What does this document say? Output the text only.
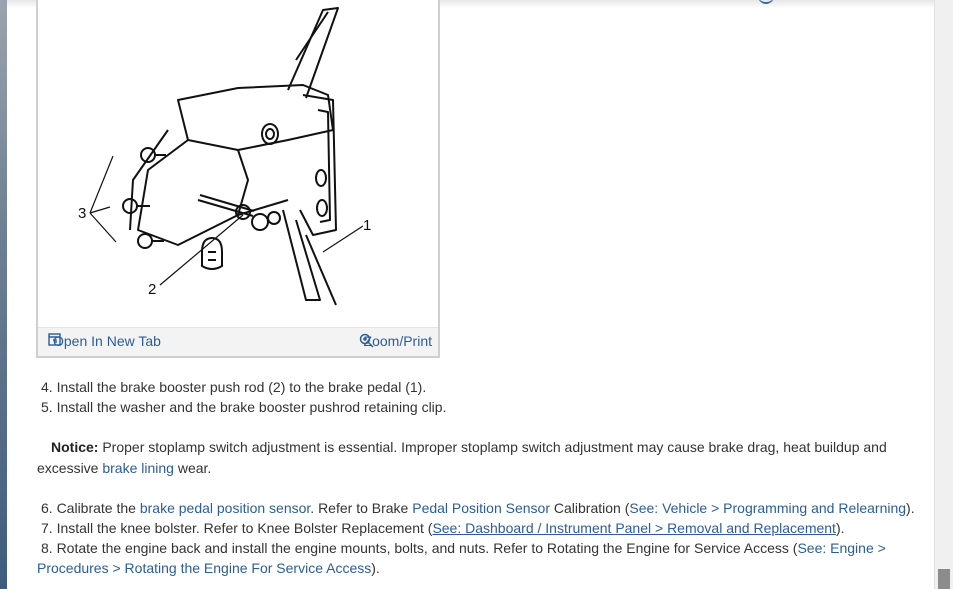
3
2
1
Open In New Tab	Zoom/Print
4. Install the brake booster push rod (2) to the brake pedal (1).
5. Install the washer and the brake booster pushrod retaining clip.
Notice: Proper stoplamp switch adjustment is essential. Improper stoplamp switch adjustment may cause brake drag, heat buildup and
excessive brake lining wear.
6. Calibrate the brake pedal position sensor. Refer to Brake Pedal Position Sensor Calibration (See: Vehicle > Programming and Relearning).
7. Install the knee bolster. Refer to Knee Bolster Replacement (See: Dashboard / Instrument Panel > Removal and Replacement).
8. Rotate the engine back and install the engine mounts, bolts, and nuts. Refer to Rotating the Engine for Service Access (See: Engine >
Procedures > Rotating the Engine For Service Access).
